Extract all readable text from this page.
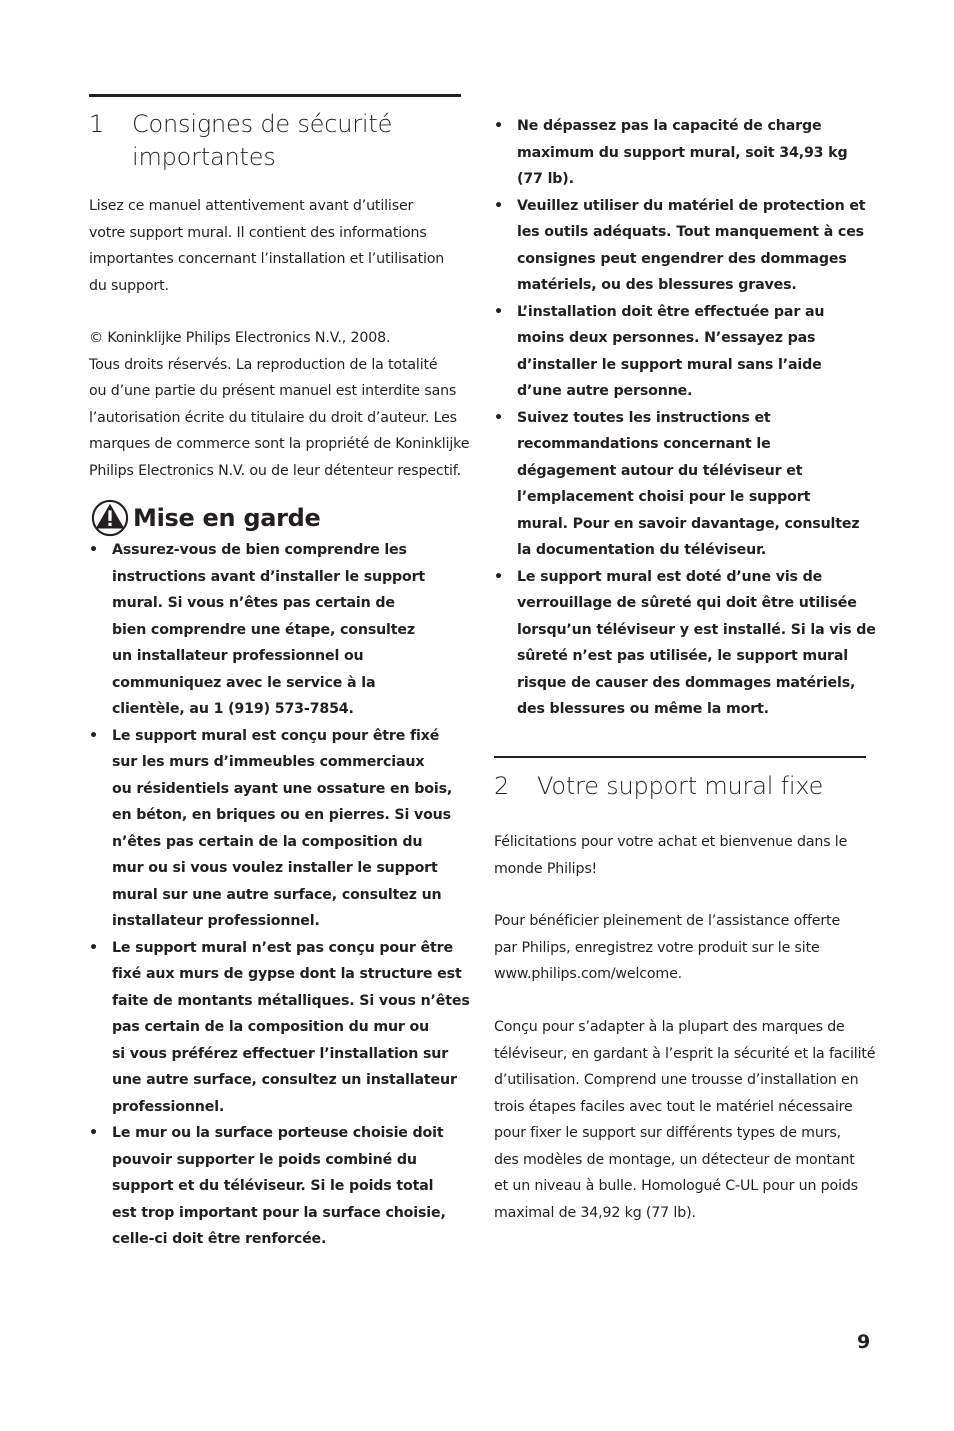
1	Consignes de sécurité
importantes

Lisez ce manuel attentivement avant d’utiliser
votre support mural. Il contient des informations
importantes concernant l’installation et l’utilisation
du support.

© Koninklijke Philips Electronics N.V., 2008.
Tous droits réservés. La reproduction de la totalité
ou d’une partie du présent manuel est interdite sans
l’autorisation écrite du titulaire du droit d’auteur. Les
marques de commerce sont la propriété de Koninklijke
Philips Electronics N.V. ou de leur détenteur respectif.

Mise en garde
• Assurez-vous de bien comprendre les
instructions avant d’installer le support
mural. Si vous n’êtes pas certain de
bien comprendre une étape, consultez
un installateur professionnel ou
communiquez avec le service à la
clientèle, au 1 (919) 573-7854.
• Le support mural est conçu pour être fixé
sur les murs d’immeubles commerciaux
ou résidentiels ayant une ossature en bois,
en béton, en briques ou en pierres. Si vous
n’êtes pas certain de la composition du
mur ou si vous voulez installer le support
mural sur une autre surface, consultez un
installateur professionnel.
• Le support mural n’est pas conçu pour être
fixé aux murs de gypse dont la structure est
faite de montants métalliques. Si vous n’êtes
pas certain de la composition du mur ou
si vous préférez effectuer l’installation sur
une autre surface, consultez un installateur
professionnel.
• Le mur ou la surface porteuse choisie doit
pouvoir supporter le poids combiné du
support et du téléviseur. Si le poids total
est trop important pour la surface choisie,
celle-ci doit être renforcée.
• Ne dépassez pas la capacité de charge
maximum du support mural, soit 34,93 kg
(77 lb).
• Veuillez utiliser du matériel de protection et
les outils adéquats. Tout manquement à ces
consignes peut engendrer des dommages
matériels, ou des blessures graves.
• L’installation doit être effectuée par au
moins deux personnes. N’essayez pas
d’installer le support mural sans l’aide
d’une autre personne.
• Suivez toutes les instructions et
recommandations concernant le
dégagement autour du téléviseur et
l’emplacement choisi pour le support
mural. Pour en savoir davantage, consultez
la documentation du téléviseur.
• Le support mural est doté d’une vis de
verrouillage de sûreté qui doit être utilisée
lorsqu’un téléviseur y est installé. Si la vis de
sûreté n’est pas utilisée, le support mural
risque de causer des dommages matériels,
des blessures ou même la mort.
2	Votre support mural fixe

Félicitations pour votre achat et bienvenue dans le
monde Philips!

Pour bénéficier pleinement de l’assistance offerte
par Philips, enregistrez votre produit sur le site
www.philips.com/welcome.

Conçu pour s’adapter à la plupart des marques de
téléviseur, en gardant à l’esprit la sécurité et la facilité
d’utilisation. Comprend une trousse d’installation en
trois étapes faciles avec tout le matériel nécessaire
pour fixer le support sur différents types de murs,
des modèles de montage, un détecteur de montant
et un niveau à bulle. Homologué C-UL pour un poids
maximal de 34,92 kg (77 lb).

9
